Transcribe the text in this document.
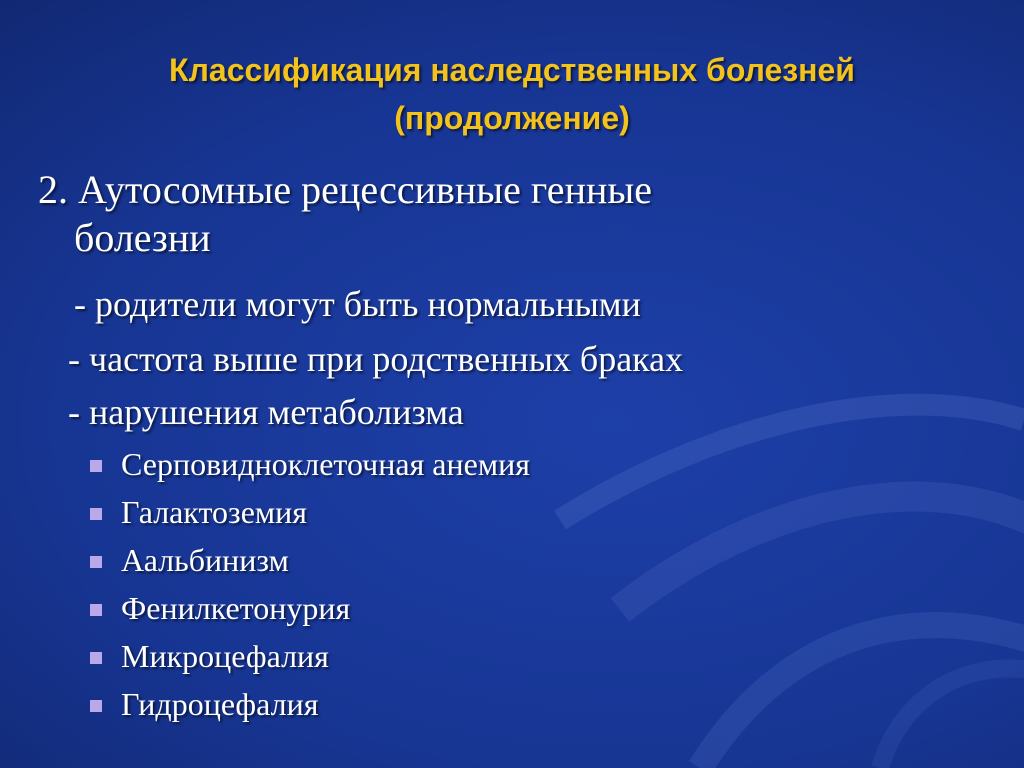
Классификация наследственных болезней
(продолжение)
2. Аутосомные рецессивные генные
болезни
- родители могут быть нормальными
- частота выше при родственных браках
- нарушения метаболизма
Серповидноклеточная анемия
Галактоземия
Аальбинизм
Фенилкетонурия
Микроцефалия
Гидроцефалия
